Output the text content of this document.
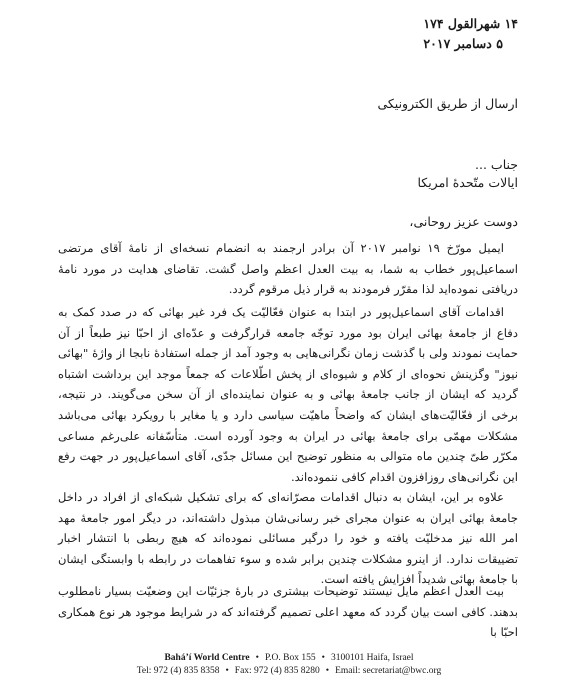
۱۴ شهرالقول ۱۷۴
۵ دسامبر ۲۰۱۷
ارسال از طریق الکترونیکی
جناب ...
ایالات متّحدهٔ امریکا
دوست عزیز روحانی،

ایمیل مورّخ ۱۹ نوامبر ۲۰۱۷ آن برادر ارجمند به انضمام نسخه‌ای از نامهٔ آقای مرتضی اسماعیل‌پور خطاب به شما، به بیت العدل اعظم واصل گشت. تقاضای هدایت در مورد نامهٔ دریافتی نموده‌اید لذا مقرّر فرمودند به قرار ذیل مرقوم گردد.

اقدامات آقای اسماعیل‌پور در ابتدا به عنوان فعّالیّت یک فرد غیر بهائی که در صدد کمک به دفاع از جامعهٔ بهائی ایران بود مورد توجّه جامعه قرارگرفت و عدّه‌ای از احبّا نیز طبعاً از آن حمایت نمودند ولی با گذشت زمان نگرانی‌هایی به وجود آمد از جمله استفادهٔ نابجا از واژهٔ "بهائی نیوز" وگزینش نحوه‌ای از کلام و شیوه‌ای از پخش اطّلاعات که جمعاً موجد این برداشت اشتباه گردید که ایشان از جانب جامعهٔ بهائی و به عنوان نماینده‌ای از آن سخن می‌گویند. در نتیجه، برخی از فعّالیّت‌های ایشان که واضحاً ماهیّت سیاسی دارد و یا مغایر با رویکرد بهائی می‌باشد مشکلات مهمّی برای جامعهٔ بهائی در ایران به وجود آورده است. متأسّفانه علی‌رغم مساعی مکرّر طیّ چندین ماه متوالی به منظور توضیح این مسائل جدّی، آقای اسماعیل‌پور در جهت رفع این نگرانی‌های روزافزون اقدام کافی ننموده‌اند.

علاوه بر این، ایشان به دنبال اقدامات مصرّانه‌ای که برای تشکیل شبکه‌ای از افراد در داخل جامعهٔ بهائی ایران به عنوان مجرای خبر رسانی‌شان مبذول داشته‌اند، در دیگر امور جامعهٔ مهد امر الله نیز مدخلیّت یافته و خود را درگیر مسائلی نموده‌اند که هیچ ربطی با انتشار اخبار تضییقات ندارد. از اینرو مشکلات چندین برابر شده و سوء تفاهمات در رابطه با وابستگی ایشان با جامعهٔ بهائی شدیداً افزایش یافته است.

بیت العدل اعظم مایل نیستند توضیحات بیشتری در بارهٔ جزئیّات این وضعیّت بسیار نامطلوب بدهند. کافی است بیان گردد که معهد اعلی تصمیم گرفته‌اند که در شرایط موجود هر نوع همکاری احبّا با

Bahá’í World Centre • P.O. Box 155 • 3100101 Haifa, Israel
Tel: 972 (4) 835 8358 • Fax: 972 (4) 835 8280 • Email: secretariat@bwc.org
